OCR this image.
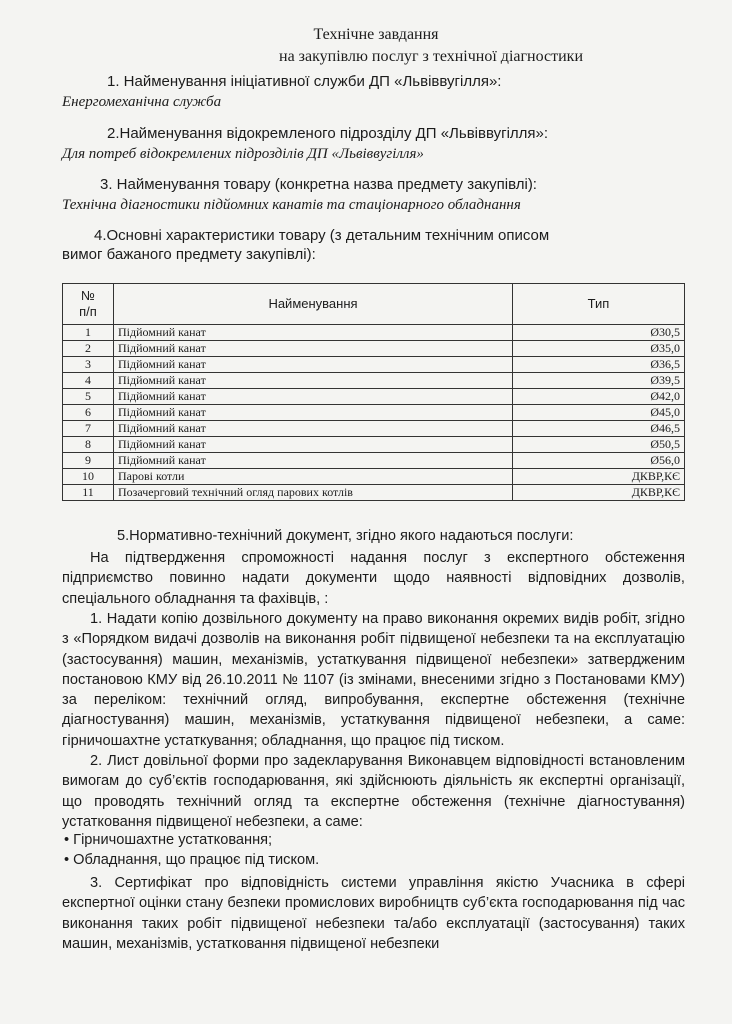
Технічне завдання
на закупівлю послуг з технічної діагностики
1. Найменування ініціативної служби ДП «Львіввугілля»:
Енергомеханічна служба
2.Найменування відокремленого підрозділу ДП «Львіввугілля»:
Для потреб відокремлених підрозділів ДП «Львіввугілля»
3. Найменування товару (конкретна назва предмету закупівлі):
Технічна діагностики підйомних канатів та стаціонарного обладнання
4.Основні характеристики товару (з детальним технічним описом
вимог бажаного предмету закупівлі):
№
п/п	Найменування	Тип
1	Підйомний канат	Ø30,5
2	Підйомний канат	Ø35,0
3	Підйомний канат	Ø36,5
4	Підйомний канат	Ø39,5
5	Підйомний канат	Ø42,0
6	Підйомний канат	Ø45,0
7	Підйомний канат	Ø46,5
8	Підйомний канат	Ø50,5
9	Підйомний канат	Ø56,0
10	Парові котли	ДКВР,КЄ
11	Позачерговий технічний огляд парових котлів	ДКВР,КЄ
5.Нормативно-технічний документ, згідно якого надаються послуги:
На підтвердження спроможності надання послуг з експертного обстеження підприємство повинно надати документи щодо наявності відповідних дозволів, спеціального обладнання та фахівців, :
1. Надати копію дозвільного документу на право виконання окремих видів робіт, згідно з «Порядком видачі дозволів на виконання робіт підвищеної небезпеки та на експлуатацію (застосування) машин, механізмів, устаткування підвищеної небезпеки» затвердженим постановою КМУ від 26.10.2011 № 1107 (із змінами, внесеними згідно з Постановами КМУ) за переліком: технічний огляд, випробування, експертне обстеження (технічне діагностування) машин, механізмів, устаткування підвищеної небезпеки, а саме: гірничошахтне устаткування; обладнання, що працює під тиском.
2. Лист довільної форми про задекларування Виконавцем відповідності встановленим вимогам до суб’єктів господарювання, які здійснюють діяльність як експертні організації, що проводять технічний огляд та експертне обстеження (технічне діагностування) устатковання підвищеної небезпеки, а саме:
• Гірничошахтне устатковання;
• Обладнання, що працює під тиском.
3. Сертифікат про відповідність системи управління якістю Учасника в сфері експертної оцінки стану безпеки промислових виробництв суб’єкта господарювання під час виконання таких робіт підвищеної небезпеки та/або експлуатації (застосування) таких машин, механізмів, устатковання підвищеної небезпеки
